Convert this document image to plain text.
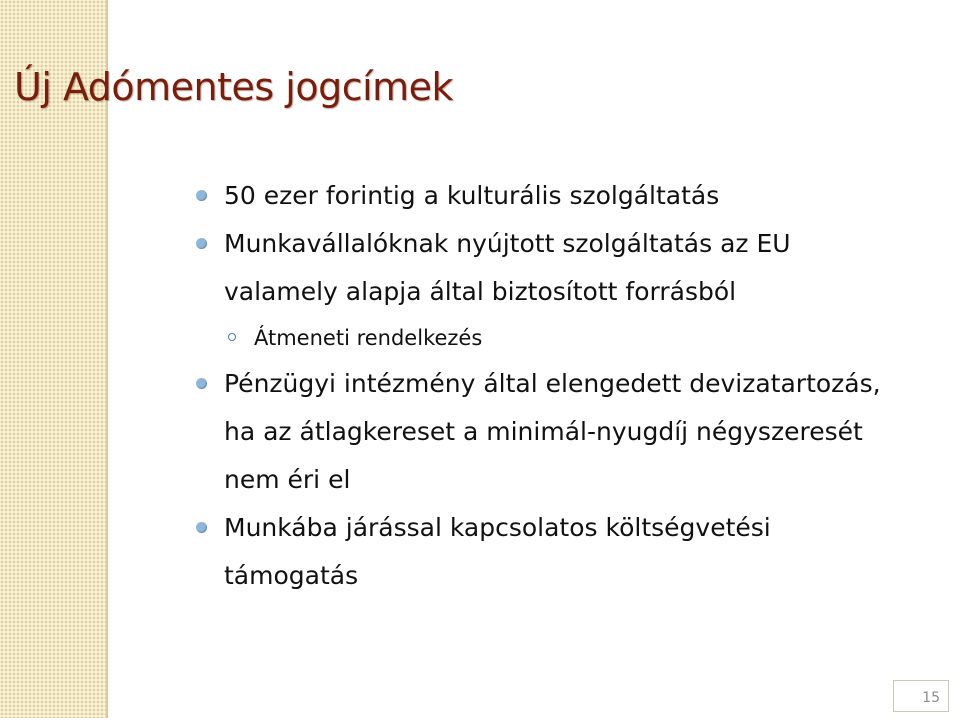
Új Adómentes jogcímek
50 ezer forintig a kulturális szolgáltatás
Munkavállalóknak nyújtott szolgáltatás az EU valamely alapja által biztosított forrásból
Átmeneti rendelkezés
Pénzügyi intézmény által elengedett devizatartozás, ha az átlagkereset a minimál-nyugdíj négyszeresét nem éri el
Munkába járással kapcsolatos költségvetési támogatás
15
